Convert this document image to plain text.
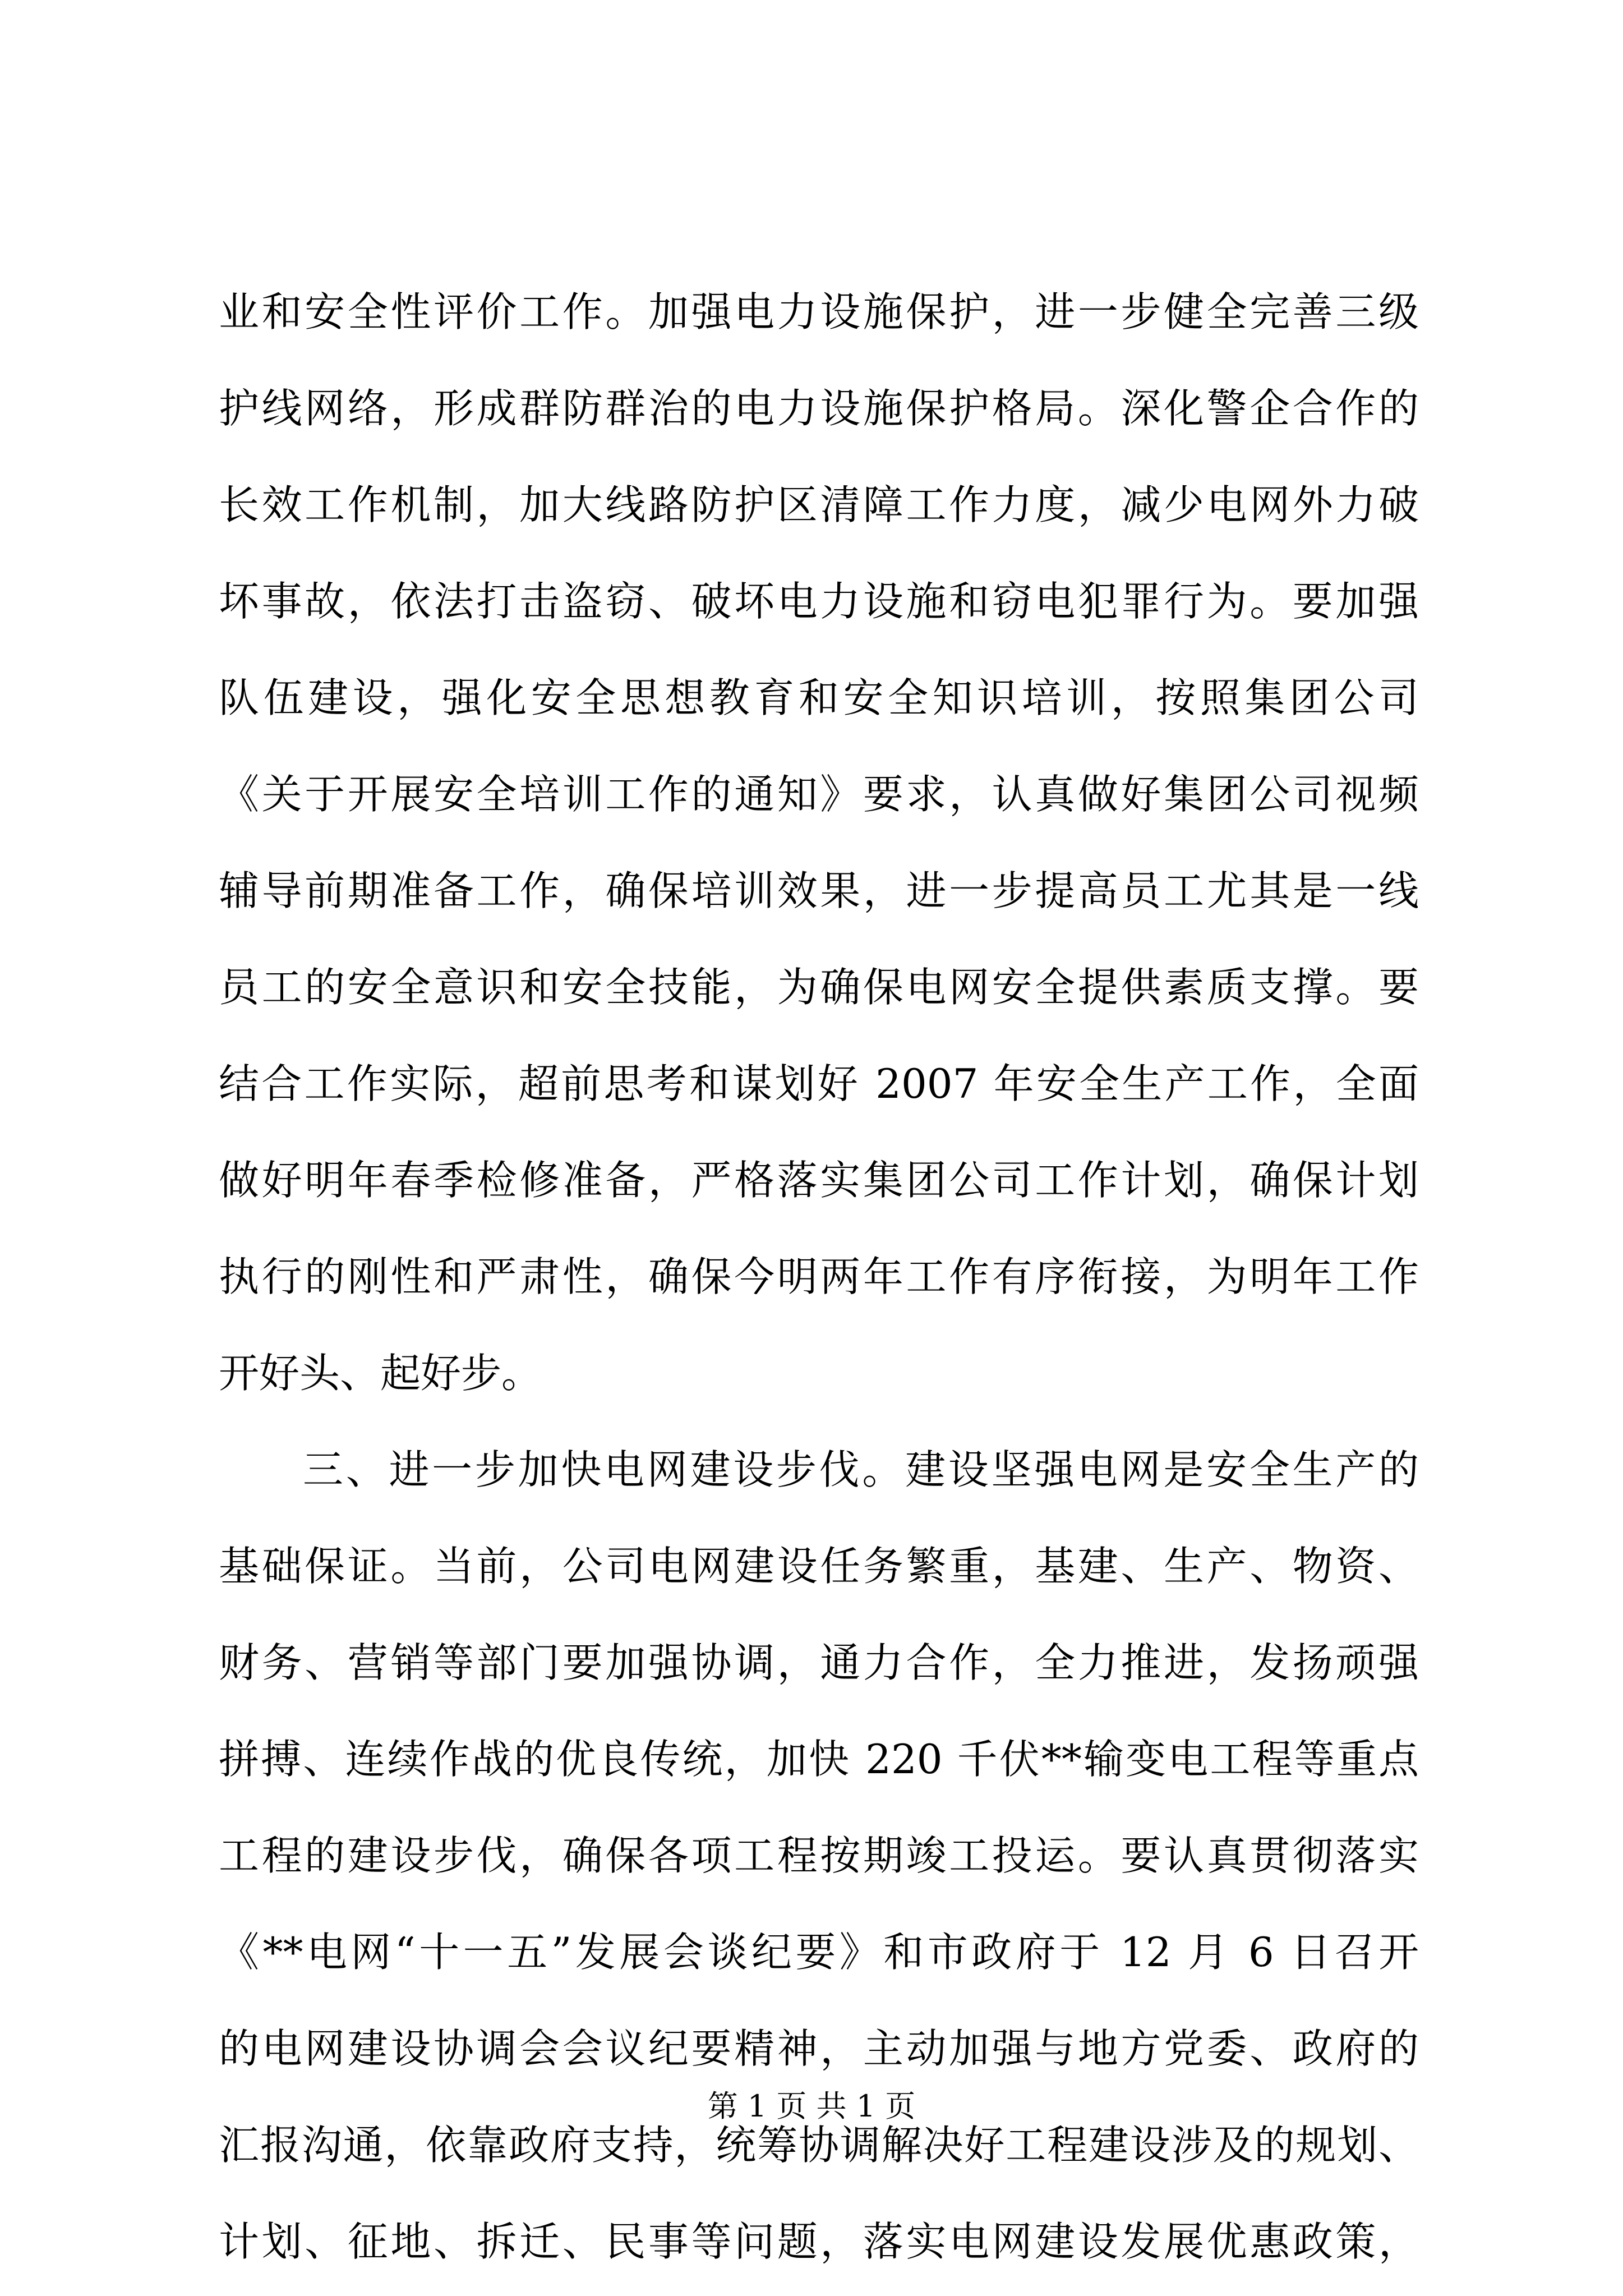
业和安全性评价工作。加强电力设施保护，进一步健全完善三级
护线网络，形成群防群治的电力设施保护格局。深化警企合作的
长效工作机制，加大线路防护区清障工作力度，减少电网外力破
坏事故，依法打击盗窃、破坏电力设施和窃电犯罪行为。要加强
队伍建设，强化安全思想教育和安全知识培训，按照集团公司
《关于开展安全培训工作的通知》要求，认真做好集团公司视频
辅导前期准备工作，确保培训效果，进一步提高员工尤其是一线
员工的安全意识和安全技能，为确保电网安全提供素质支撑。要
结合工作实际，超前思考和谋划好 2007 年安全生产工作，全面
做好明年春季检修准备，严格落实集团公司工作计划，确保计划
执行的刚性和严肃性，确保今明两年工作有序衔接，为明年工作
开好头、起好步。
三、进一步加快电网建设步伐。建设坚强电网是安全生产的
基础保证。当前，公司电网建设任务繁重，基建、生产、物资、
财务、营销等部门要加强协调，通力合作，全力推进，发扬顽强
拼搏、连续作战的优良传统，加快 220 千伏**输变电工程等重点
工程的建设步伐，确保各项工程按期竣工投运。要认真贯彻落实
《**电网“十一五”发展会谈纪要》和市政府于 12 月 6 日召开
的电网建设协调会会议纪要精神，主动加强与地方党委、政府的
汇报沟通，依靠政府支持，统筹协调解决好工程建设涉及的规划、
计划、征地、拆迁、民事等问题，落实电网建设发展优惠政策，
第 1 页 共 1 页
